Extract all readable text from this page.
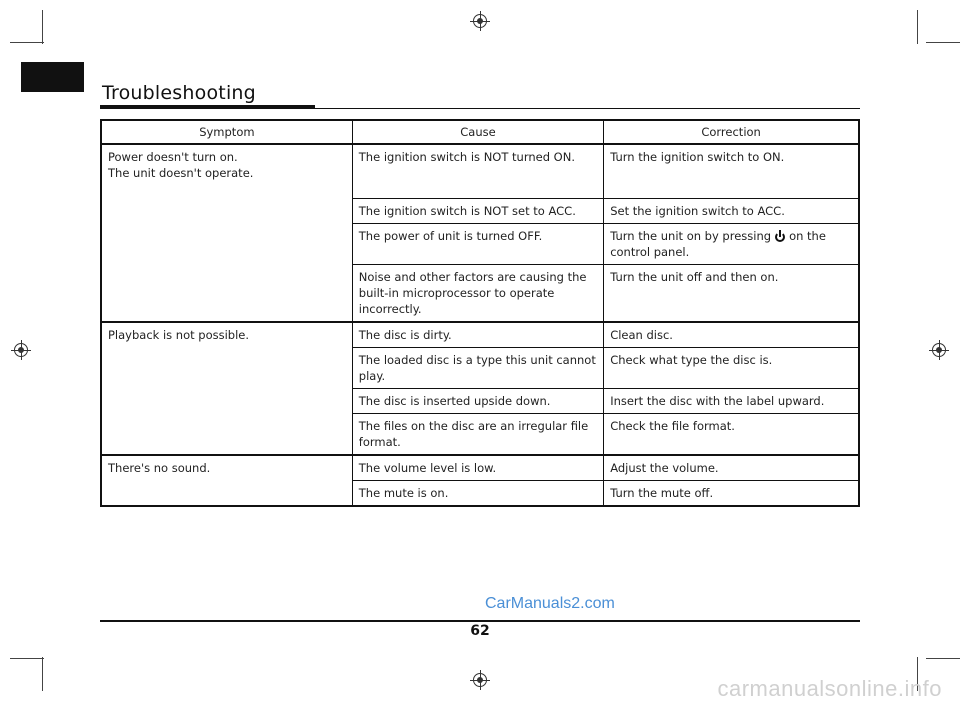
Troubleshooting
Symptom	Cause	Correction
Power doesn't turn on.
The unit doesn't operate.	The ignition switch is NOT turned ON.	Turn the ignition switch to ON.
	The ignition switch is NOT set to ACC.	Set the ignition switch to ACC.
	The power of unit is turned OFF.	Turn the unit on by pressing on the control panel.
	Noise and other factors are causing the built-in microprocessor to operate incorrectly.	Turn the unit off and then on.
Playback is not possible.	The disc is dirty.	Clean disc.
	The loaded disc is a type this unit cannot play.	Check what type the disc is.
	The disc is inserted upside down.	Insert the disc with the label upward.
	The files on the disc are an irregular file format.	Check the file format.
There's no sound.	The volume level is low.	Adjust the volume.
	The mute is on.	Turn the mute off.
CarManuals2.com
62
carmanualsonline.info
